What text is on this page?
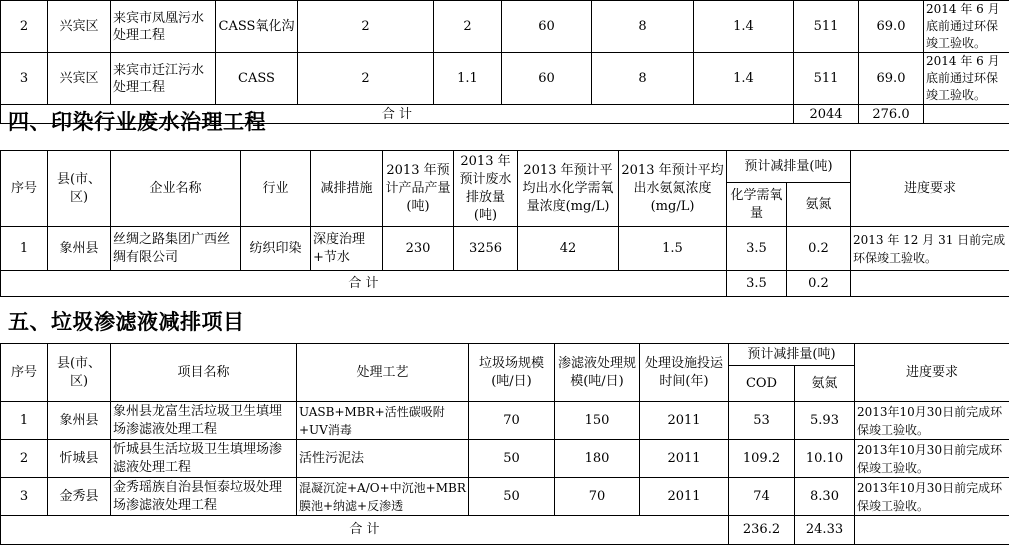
2	兴宾区	来宾市凤凰污水处理工程	CASS氧化沟	2	2	60	8	1.4	511	69.0	2014 年 6 月底前通过环保竣工验收。
3	兴宾区	来宾市迁江污水处理工程	CASS	2	1.1	60	8	1.4	511	69.0	2014 年 6 月底前通过环保竣工验收。
合 计									2044	276.0	
四、印染行业废水治理工程
序号	县(市、区)	企业名称	行业	减排措施	2013 年预计产品产量(吨)	2013 年预计废水排放量(吨)	2013 年预计平均出水化学需氧量浓度(mg/L)	2013 年预计平均出水氨氮浓度(mg/L)	预计减排量(吨)		进度要求
									化学需氧量	氨氮	
1	象州县	丝绸之路集团广西丝绸有限公司	纺织印染	深度治理+节水	230	3256	42	1.5	3.5	0.2	2013 年 12 月 31 日前完成环保竣工验收。
合 计									3.5	0.2	
五、垃圾渗滤液减排项目
序号	县(市、区)	项目名称	处理工艺	垃圾场规模(吨/日)	渗滤液处理规模(吨/日)	处理设施投运时间(年)	预计减排量(吨)		进度要求
							COD	氨氮	
1	象州县	象州县龙富生活垃圾卫生填埋场渗滤液处理工程	UASB+MBR+活性碳吸附+UV消毒	70	150	2011	53	5.93	2013年10月30日前完成环保竣工验收。
2	忻城县	忻城县生活垃圾卫生填埋场渗滤液处理工程	活性污泥法	50	180	2011	109.2	10.10	2013年10月30日前完成环保竣工验收。
3	金秀县	金秀瑶族自治县恒泰垃圾处理场渗滤液处理工程	混凝沉淀+A/O+中沉池+MBR膜池+纳滤+反渗透	50	70	2011	74	8.30	2013年10月30日前完成环保竣工验收。
合 计							236.2	24.33	
